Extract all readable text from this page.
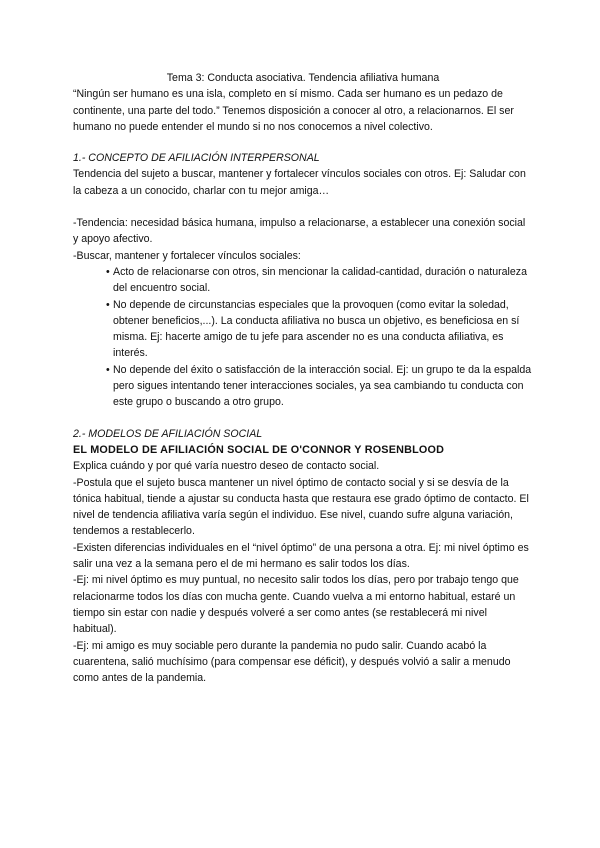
Tema 3: Conducta asociativa. Tendencia afiliativa humana

“Ningún ser humano es una isla, completo en sí mismo. Cada ser humano es un pedazo de continente, una parte del todo.” Tenemos disposición a conocer al otro, a relacionarnos. El ser humano no puede entender el mundo si no nos conocemos a nivel colectivo.

1.- CONCEPTO DE AFILIACIÓN INTERPERSONAL

Tendencia del sujeto a buscar, mantener y fortalecer vínculos sociales con otros. Ej: Saludar con la cabeza a un conocido, charlar con tu mejor amiga…

-Tendencia: necesidad básica humana, impulso a relacionarse, a establecer una conexión social y apoyo afectivo.

-Buscar, mantener y fortalecer vínculos sociales:

• Acto de relacionarse con otros, sin mencionar la calidad-cantidad, duración o naturaleza del encuentro social.
• No depende de circunstancias especiales que la provoquen (como evitar la soledad, obtener beneficios,...). La conducta afiliativa no busca un objetivo, es beneficiosa en sí misma. Ej: hacerte amigo de tu jefe para ascender no es una conducta afiliativa, es interés.
• No depende del éxito o satisfacción de la interacción social. Ej: un grupo te da la espalda pero sigues intentando tener interacciones sociales, ya sea cambiando tu conducta con este grupo o buscando a otro grupo.

2.- MODELOS DE AFILIACIÓN SOCIAL

EL MODELO DE AFILIACIÓN SOCIAL DE O'CONNOR Y ROSENBLOOD

Explica cuándo y por qué varía nuestro deseo de contacto social.

-Postula que el sujeto busca mantener un nivel óptimo de contacto social y si se desvía de la tónica habitual, tiende a ajustar su conducta hasta que restaura ese grado óptimo de contacto. El nivel de tendencia afiliativa varía según el individuo. Ese nivel, cuando sufre alguna variación, tendemos a restablecerlo.

-Existen diferencias individuales en el “nivel óptimo” de una persona a otra. Ej: mi nivel óptimo es salir una vez a la semana pero el de mi hermano es salir todos los días.

-Ej: mi nivel óptimo es muy puntual, no necesito salir todos los días, pero por trabajo tengo que relacionarme todos los días con mucha gente. Cuando vuelva a mi entorno habitual, estaré un tiempo sin estar con nadie y después volveré a ser como antes (se restablecerá mi nivel habitual).

-Ej: mi amigo es muy sociable pero durante la pandemia no pudo salir. Cuando acabó la cuarentena, salió muchísimo (para compensar ese déficit), y después volvió a salir a menudo como antes de la pandemia.
